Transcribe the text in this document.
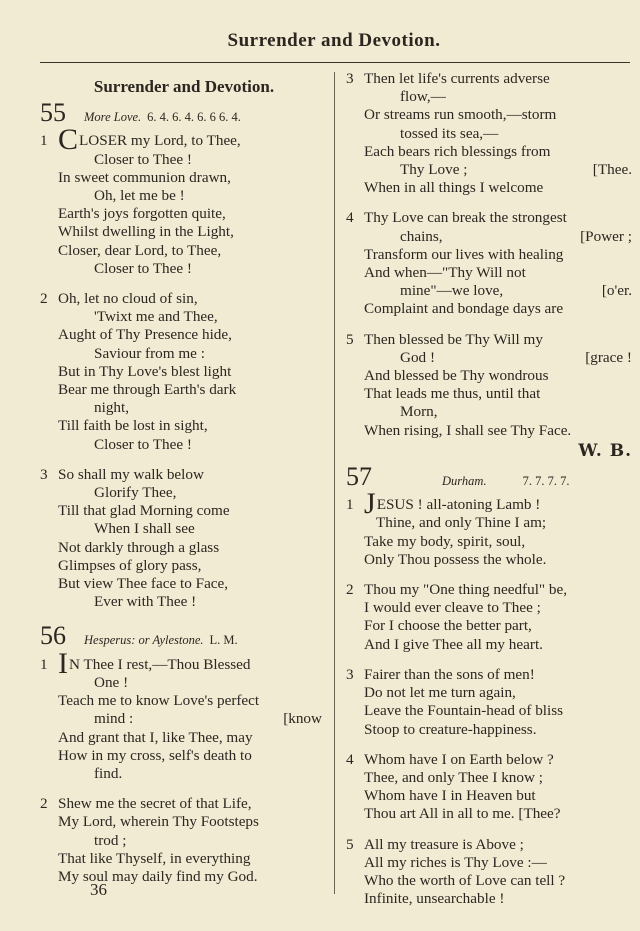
Surrender and Devotion.
Surrender and Devotion.
55 More Love. 6. 4. 6. 4. 6. 6 6. 4.
1 CLOSER my Lord, to Thee,
Closer to Thee !
In sweet communion drawn,
Oh, let me be !
Earth's joys forgotten quite,
Whilst dwelling in the Light,
Closer, dear Lord, to Thee,
Closer to Thee !
2 Oh, let no cloud of sin,
'Twixt me and Thee,
Aught of Thy Presence hide,
Saviour from me :
But in Thy Love's blest light
Bear me through Earth's dark
night,
Till faith be lost in sight,
Closer to Thee !
3 So shall my walk below
Glorify Thee,
Till that glad Morning come
When I shall see
Not darkly through a glass
Glimpses of glory pass,
But view Thee face to Face,
Ever with Thee !
56 Hesperus: or Aylestone. L. M.
1 IN Thee I rest,—Thou Blessed
One !
Teach me to know Love's perfect
mind :	[know
And grant that I, like Thee, may
How in my cross, self's death to
find.
2 Shew me the secret of that Life,
My Lord, wherein Thy Footsteps
trod ;
That like Thyself, in everything
My soul may daily find my God.
3 Then let life's currents adverse
flow,—
Or streams run smooth,—storm
tossed its sea,—
Each bears rich blessings from
Thy Love ;	[Thee.
When in all things I welcome
4 Thy Love can break the strongest
chains,	[Power ;
Transform our lives with healing
And when—"Thy Will not
mine"—we love,	[o'er.
Complaint and bondage days are
5 Then blessed be Thy Will my
God !	[grace !
And blessed be Thy wondrous
That leads me thus, until that
Morn,
When rising, I shall see Thy Face.
W. B.
57	Durham.	7. 7. 7. 7.
1 JESUS ! all-atoning Lamb !
Thine, and only Thine I am;
Take my body, spirit, soul,
Only Thou possess the whole.
2 Thou my "One thing needful" be,
I would ever cleave to Thee ;
For I choose the better part,
And I give Thee all my heart.
3 Fairer than the sons of men!
Do not let me turn again,
Leave the Fountain-head of bliss
Stoop to creature-happiness.
4 Whom have I on Earth below ?
Thee, and only Thee I know ;
Whom have I in Heaven but
Thou art All in all to me. [Thee?
5 All my treasure is Above ;
All my riches is Thy Love :—
Who the worth of Love can tell ?
Infinite, unsearchable !
36
